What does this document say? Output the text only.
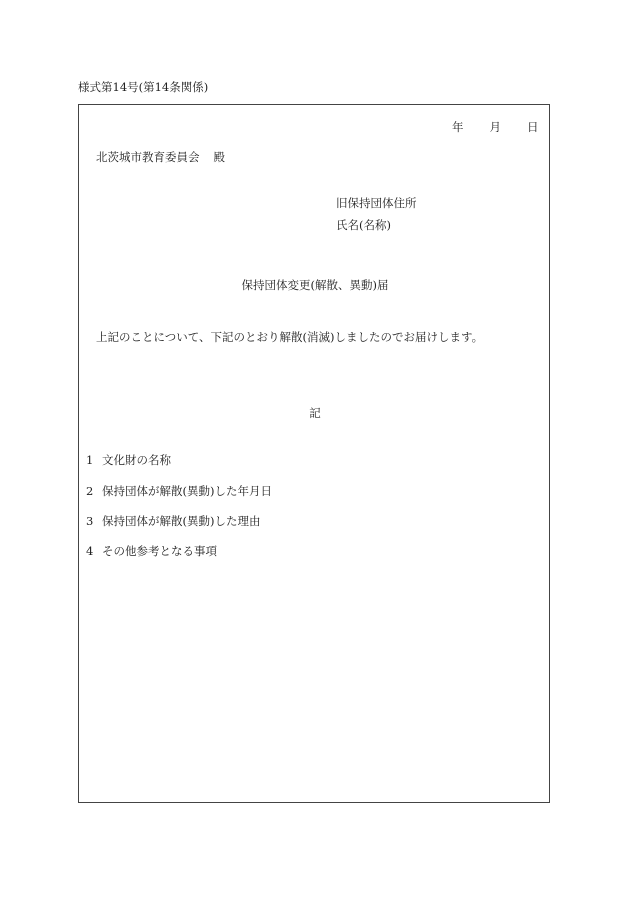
様式第14号(第14条関係)
年 月 日
北茨城市教育委員会 殿
旧保持団体住所
氏名(名称)
保持団体変更(解散、異動)届
上記のことについて、下記のとおり解散(消滅)しましたのでお届けします。
記
1 文化財の名称
2 保持団体が解散(異動)した年月日
3 保持団体が解散(異動)した理由
4 その他参考となる事項
